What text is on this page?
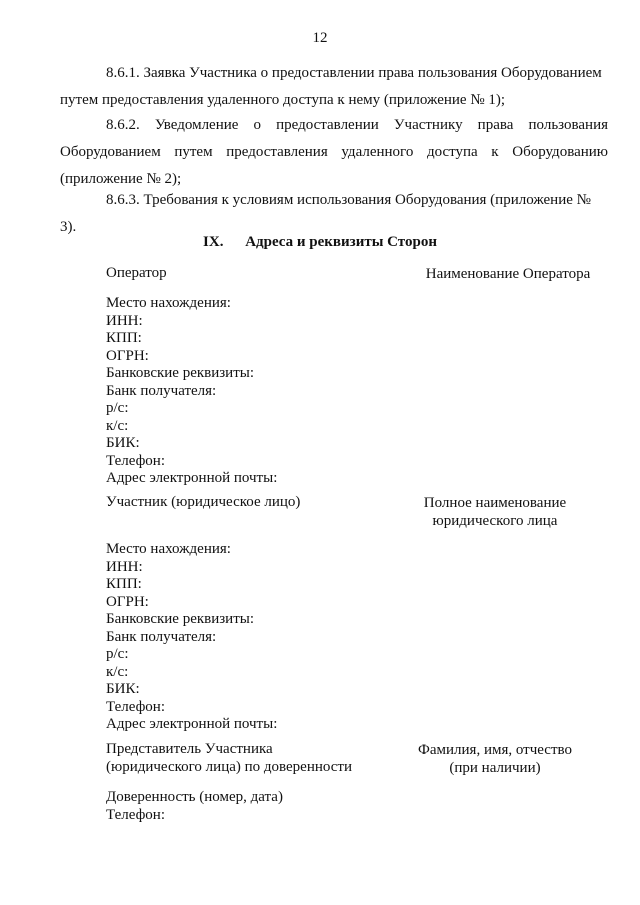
12
8.6.1. Заявка Участника о предоставлении права пользования Оборудованием путем предоставления удаленного доступа к нему (приложение № 1);
8.6.2. Уведомление о предоставлении Участнику права пользования Оборудованием путем предоставления удаленного доступа к Оборудованию (приложение № 2);
8.6.3. Требования к условиям использования Оборудования (приложение № 3).
IX. Адреса и реквизиты Сторон
Оператор	Наименование Оператора
Место нахождения:
ИНН:
КПП:
ОГРН:
Банковские реквизиты:
Банк получателя:
р/с:
к/с:
БИК:
Телефон:
Адрес электронной почты:
Участник (юридическое лицо)	Полное наименование
юридического лица
Место нахождения:
ИНН:
КПП:
ОГРН:
Банковские реквизиты:
Банк получателя:
р/с:
к/с:
БИК:
Телефон:
Адрес электронной почты:
Представитель Участника
(юридического лица) по доверенности
Фамилия, имя, отчество
(при наличии)
Доверенность (номер, дата)
Телефон:
